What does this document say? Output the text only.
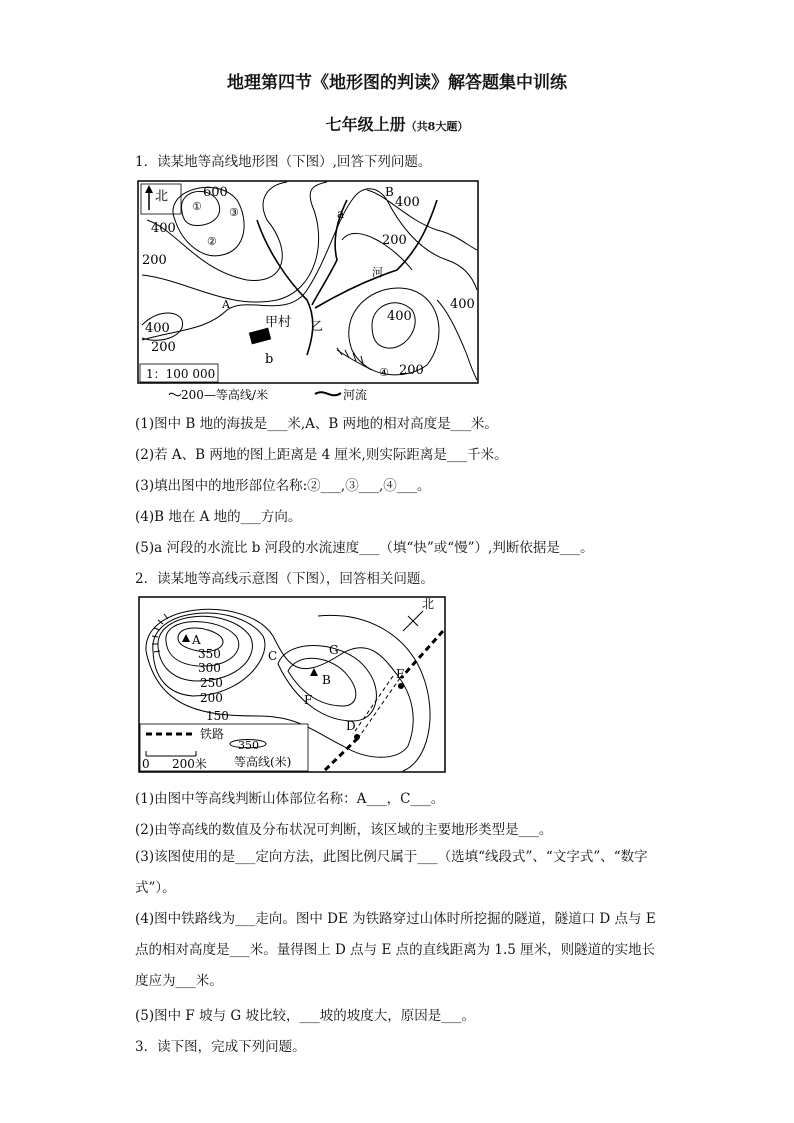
地理第四节《地形图的判读》解答题集中训练
七年级上册（共8大题）
1．读某地等高线地形图（下图）,回答下列问题。
北	600
400
200
400
200
B
400
a
200
400
400
200
河
A
甲村 乙
b
①
②
③
④
1：100 000
200—等高线/米	河流
(1)图中 B 地的海拔是___米,A、B 两地的相对高度是___米。
(2)若 A、B 两地的图上距离是 4 厘米,则实际距离是___千米。
(3)填出图中的地形部位名称:②___,③___,④___。
(4)B 地在 A 地的___方向。
(5)a 河段的水流比 b 河段的水流速度___（填“快”或“慢”）,判断依据是___。
2．读某地等高线示意图（下图），回答相关问题。
北
A
B
C
D
E
F
G
350
300
250
200
150
铁路
0 200米
350
等高线(米)
(1)由图中等高线判断山体部位名称：A___，C___。
(2)由等高线的数值及分布状况可判断，该区域的主要地形类型是___。
(3)该图使用的是___定向方法，此图比例尺属于___（选填“线段式”、“文字式”、“数字式”）。
(4)图中铁路线为___走向。图中 DE 为铁路穿过山体时所挖掘的隧道，隧道口 D 点与 E 点的相对高度是___米。量得图上 D 点与 E 点的直线距离为 1.5 厘米，则隧道的实地长度应为___米。
(5)图中 F 坡与 G 坡比较，___坡的坡度大，原因是___。
3．读下图，完成下列问题。
